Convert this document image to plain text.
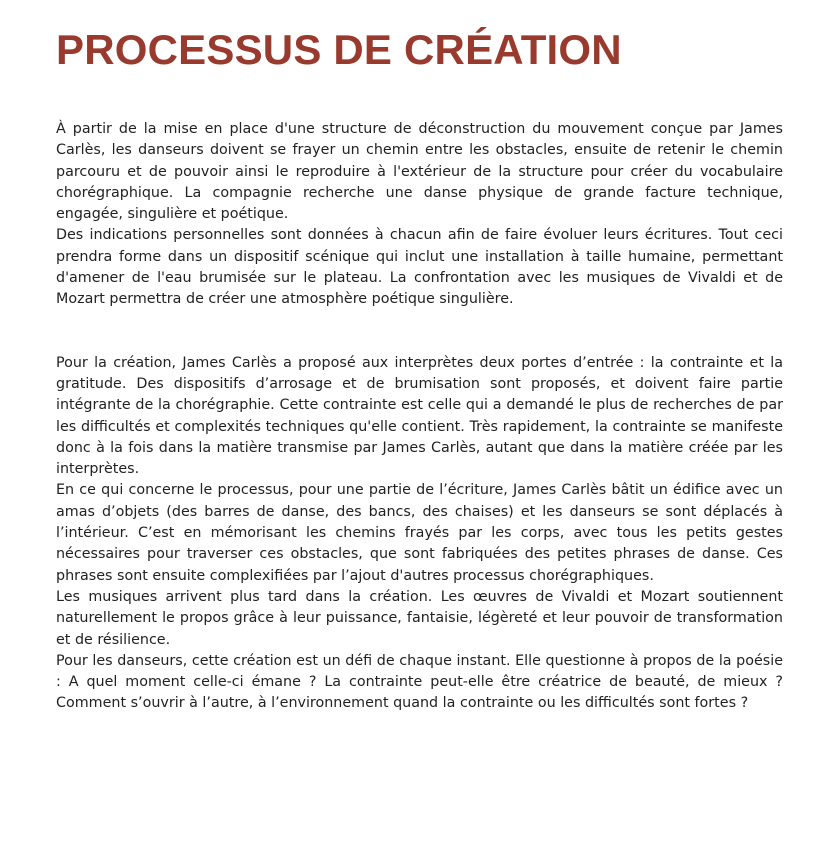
PROCESSUS DE CRÉATION

À partir de la mise en place d'une structure de déconstruction du mouvement conçue par James Carlès, les danseurs doivent se frayer un chemin entre les obstacles, ensuite de retenir le chemin parcouru et de pouvoir ainsi le reproduire à l'extérieur de la structure pour créer du vocabulaire chorégraphique. La compagnie recherche une danse physique de grande facture technique, engagée, singulière et poétique.

Des indications personnelles sont données à chacun afin de faire évoluer leurs écritures. Tout ceci prendra forme dans un dispositif scénique qui inclut une installation à taille humaine, permettant d'amener de l'eau brumisée sur le plateau. La confrontation avec les musiques de Vivaldi et de Mozart permettra de créer une atmosphère poétique singulière.

Pour la création, James Carlès a proposé aux interprètes deux portes d’entrée : la contrainte et la gratitude. Des dispositifs d’arrosage et de brumisation sont proposés, et doivent faire partie intégrante de la chorégraphie. Cette contrainte est celle qui a demandé le plus de recherches de par les difficultés et complexités techniques qu'elle contient. Très rapidement, la contrainte se manifeste donc à la fois dans la matière transmise par James Carlès, autant que dans la matière créée par les interprètes.

En ce qui concerne le processus, pour une partie de l’écriture, James Carlès bâtit un édifice avec un amas d’objets (des barres de danse, des bancs, des chaises) et les danseurs se sont déplacés à l’intérieur. C’est en mémorisant les chemins frayés par les corps, avec tous les petits gestes nécessaires pour traverser ces obstacles, que sont fabriquées des petites phrases de danse. Ces phrases sont ensuite complexifiées par l’ajout d'autres processus chorégraphiques.

Les musiques arrivent plus tard dans la création. Les œuvres de Vivaldi et Mozart soutiennent naturellement le propos grâce à leur puissance, fantaisie, légèreté et leur pouvoir de transformation et de résilience.

Pour les danseurs, cette création est un défi de chaque instant. Elle questionne à propos de la poésie : A quel moment celle-ci émane ? La contrainte peut-elle être créatrice de beauté, de mieux ? Comment s’ouvrir à l’autre, à l’environnement quand la contrainte ou les difficultés sont fortes ?
